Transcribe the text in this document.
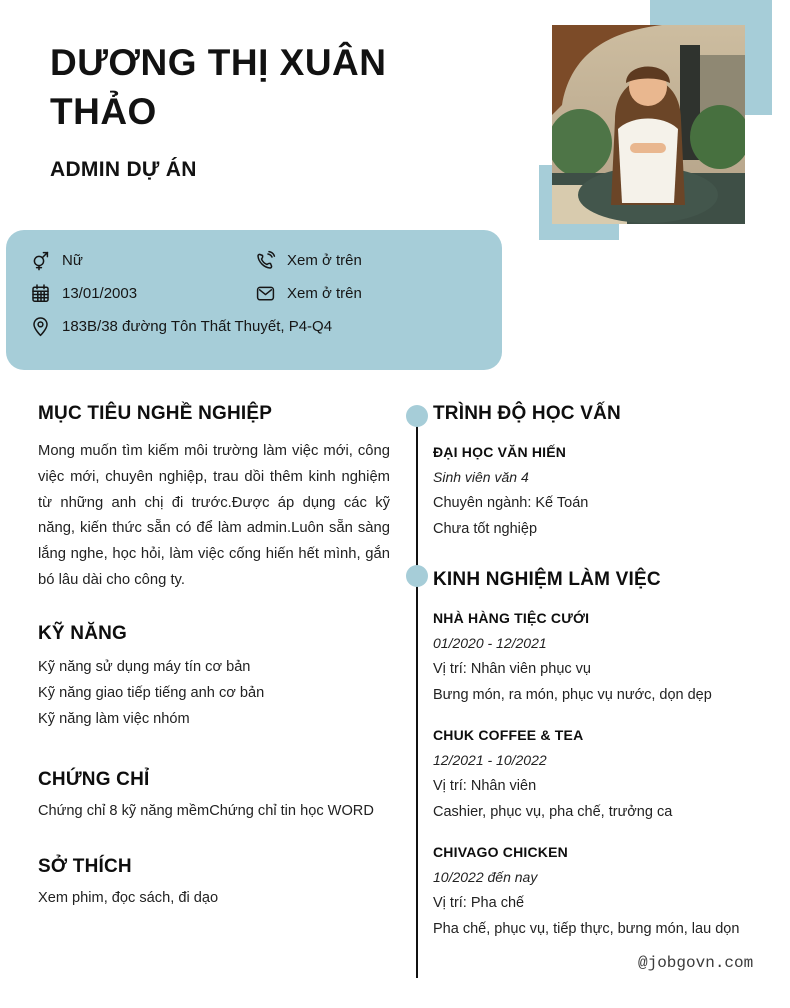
DƯƠNG THỊ XUÂN THẢO
ADMIN DỰ ÁN
Nữ
13/01/2003
183B/38 đường Tôn Thất Thuyết, P4-Q4
Xem ở trên
Xem ở trên
MỤC TIÊU NGHỀ NGHIỆP

Mong muốn tìm kiếm môi trường làm việc mới, công việc mới, chuyên nghiệp, trau dồi thêm kinh nghiệm từ những anh chị đi trước.Được áp dụng các kỹ năng, kiến thức sẵn có để làm admin.Luôn sẵn sàng lắng nghe, học hỏi, làm việc cống hiến hết mình, gắn bó lâu dài cho công ty.

KỸ NĂNG
Kỹ năng sử dụng máy tín cơ bản
Kỹ năng giao tiếp tiếng anh cơ bản
Kỹ năng làm việc nhóm
CHỨNG CHỈ

Chứng chỉ 8 kỹ năng mềmChứng chỉ tin học WORD

SỞ THÍCH

Xem phim, đọc sách, đi dạo

TRÌNH ĐỘ HỌC VẤN
ĐẠI HỌC VĂN HIẾN
Sinh viên văn 4
Chuyên ngành: Kế Toán
Chưa tốt nghiệp
KINH NGHIỆM LÀM VIỆC
NHÀ HÀNG TIỆC CƯỚI
01/2020 - 12/2021
Vị trí: Nhân viên phục vụ
Bưng món, ra món, phục vụ nước, dọn dẹp
CHUK COFFEE & TEA
12/2021 - 10/2022
Vị trí: Nhân viên
Cashier, phục vụ, pha chế, trưởng ca
CHIVAGO CHICKEN
10/2022 đến nay
Vị trí: Pha chế
Pha chế, phục vụ, tiếp thực, bưng món, lau dọn
@jobgovn.com
